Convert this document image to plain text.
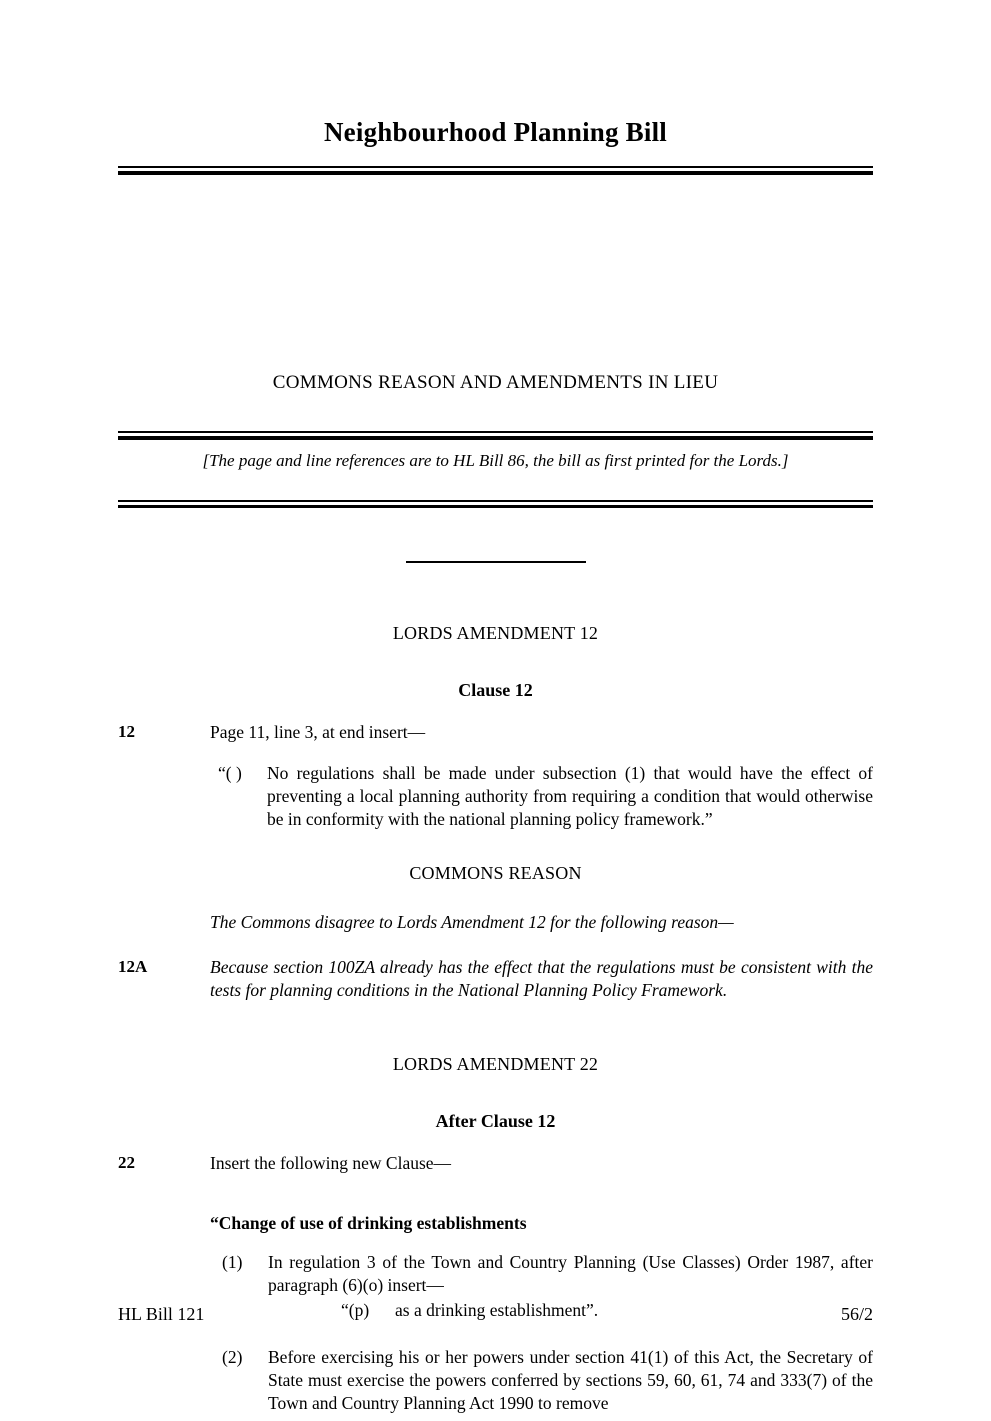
Neighbourhood Planning Bill
COMMONS REASON AND AMENDMENTS IN LIEU
[The page and line references are to HL Bill 86, the bill as first printed for the Lords.]
LORDS AMENDMENT 12
Clause 12
12	Page 11, line 3, at end insert—
“( )	No regulations shall be made under subsection (1) that would have the effect of preventing a local planning authority from requiring a condition that would otherwise be in conformity with the national planning policy framework.”
COMMONS REASON
The Commons disagree to Lords Amendment 12 for the following reason—
12A	Because section 100ZA already has the effect that the regulations must be consistent with the tests for planning conditions in the National Planning Policy Framework.
LORDS AMENDMENT 22
After Clause 12
22	Insert the following new Clause—
“Change of use of drinking establishments
(1)	In regulation 3 of the Town and Country Planning (Use Classes) Order 1987, after paragraph (6)(o) insert—
“(p)	as a drinking establishment”.
(2)	Before exercising his or her powers under section 41(1) of this Act, the Secretary of State must exercise the powers conferred by sections 59, 60, 61, 74 and 333(7) of the Town and Country Planning Act 1990 to remove
HL Bill 121	56/2
